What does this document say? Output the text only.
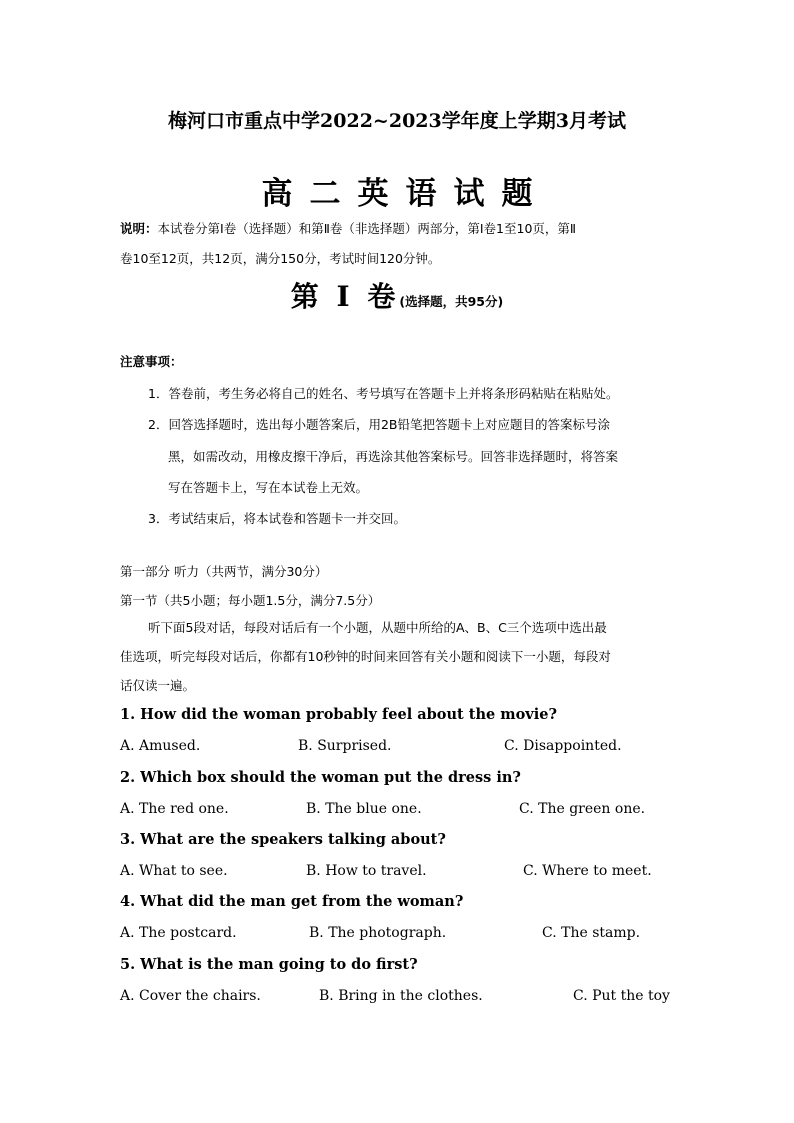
梅河口市重点中学2022~2023学年度上学期3月考试
高二英语试题
说明：本试卷分第Ⅰ卷（选择题）和第Ⅱ卷（非选择题）两部分，第Ⅰ卷1至10页，第Ⅱ
卷10至12页，共12页，满分150分，考试时间120分钟。
第 Ⅰ 卷(选择题，共95分)
注意事项：
1．答卷前，考生务必将自己的姓名、考号填写在答题卡上并将条形码粘贴在粘贴处。
2．回答选择题时，选出每小题答案后，用2B铅笔把答题卡上对应题目的答案标号涂
黑，如需改动，用橡皮擦干净后，再选涂其他答案标号。回答非选择题时，将答案
写在答题卡上，写在本试卷上无效。
3．考试结束后，将本试卷和答题卡一并交回。
第一部分 听力（共两节，满分30分）
第一节（共5小题；每小题1.5分，满分7.5分）
听下面5段对话，每段对话后有一个小题，从题中所给的A、B、C三个选项中选出最
佳选项，听完每段对话后，你都有10秒钟的时间来回答有关小题和阅读下一小题，每段对
话仅读一遍。
1. How did the woman probably feel about the movie?
A. Amused.	B. Surprised.	C. Disappointed.
2. Which box should the woman put the dress in?
A. The red one.	B. The blue one.	C. The green one.
3. What are the speakers talking about?
A. What to see.	B. How to travel.	C. Where to meet.
4. What did the man get from the woman?
A. The postcard.	B. The photograph.	C. The stamp.
5. What is the man going to do first?
A. Cover the chairs.	B. Bring in the clothes.	C. Put the toy
